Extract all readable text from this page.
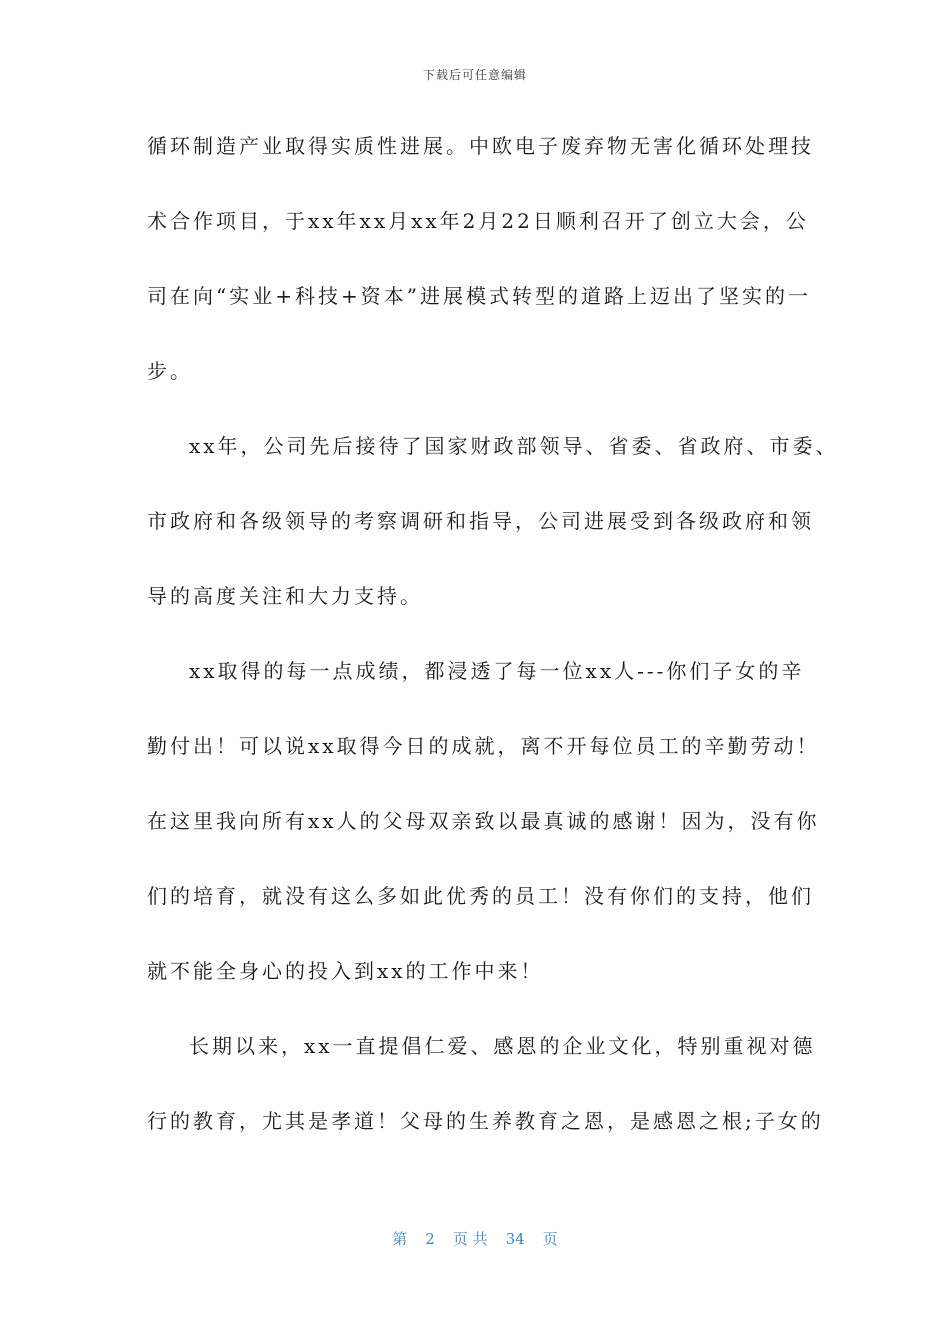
下载后可任意编辑
循环制造产业取得实质性进展。中欧电子废弃物无害化循环处理技
术合作项目，于xx年xx月xx年2月22日顺利召开了创立大会，公
司在向“实业+科技+资本”进展模式转型的道路上迈出了坚实的一
步。
xx年，公司先后接待了国家财政部领导、省委、省政府、市委、
市政府和各级领导的考察调研和指导，公司进展受到各级政府和领
导的高度关注和大力支持。
xx取得的每一点成绩，都浸透了每一位xx人---你们子女的辛
勤付出！可以说xx取得今日的成就，离不开每位员工的辛勤劳动！
在这里我向所有xx人的父母双亲致以最真诚的感谢！因为，没有你
们的培育，就没有这么多如此优秀的员工！没有你们的支持，他们
就不能全身心的投入到xx的工作中来！
长期以来，xx一直提倡仁爱、感恩的企业文化，特别重视对德
行的教育，尤其是孝道！父母的生养教育之恩，是感恩之根;子女的
第 2 页 共 34 页
